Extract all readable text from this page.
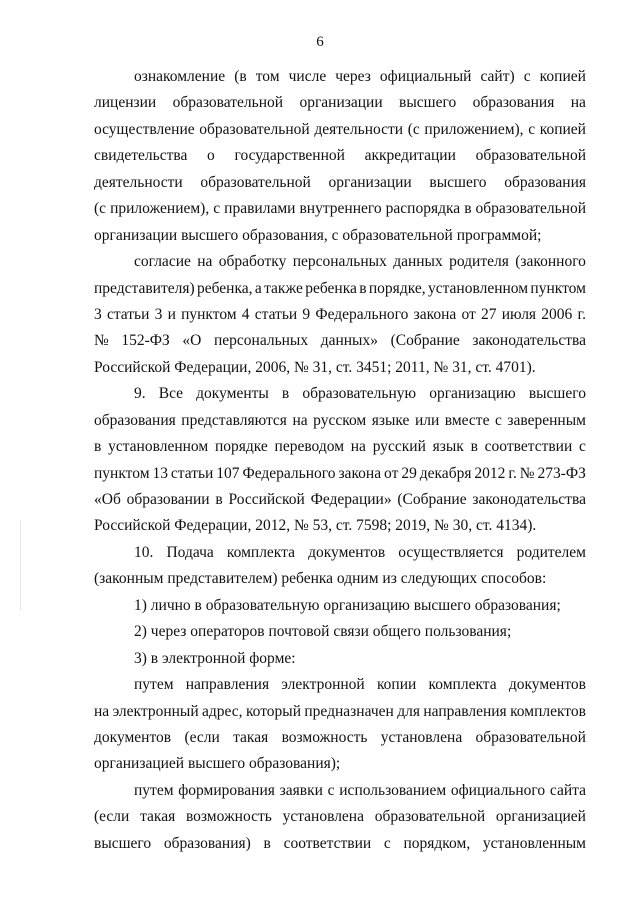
6
ознакомление (в том числе через официальный сайт) с копией
лицензии образовательной организации высшего образования на
осуществление образовательной деятельности (с приложением), с копией
свидетельства о государственной аккредитации образовательной
деятельности образовательной организации высшего образования
(с приложением), с правилами внутреннего распорядка в образовательной
организации высшего образования, с образовательной программой;
согласие на обработку персональных данных родителя (законного
представителя) ребенка, а также ребенка в порядке, установленном пунктом
3 статьи 3 и пунктом 4 статьи 9 Федерального закона от 27 июля 2006 г.
№ 152-ФЗ «О персональных данных» (Собрание законодательства
Российской Федерации, 2006, № 31, ст. 3451; 2011, № 31, ст. 4701).
9. Все документы в образовательную организацию высшего
образования представляются на русском языке или вместе с заверенным
в установленном порядке переводом на русский язык в соответствии с
пунктом 13 статьи 107 Федерального закона от 29 декабря 2012 г. № 273-ФЗ
«Об образовании в Российской Федерации» (Собрание законодательства
Российской Федерации, 2012, № 53, ст. 7598; 2019, № 30, ст. 4134).
10. Подача комплекта документов осуществляется родителем
(законным представителем) ребенка одним из следующих способов:
1) лично в образовательную организацию высшего образования;
2) через операторов почтовой связи общего пользования;
3) в электронной форме:
путем направления электронной копии комплекта документов
на электронный адрес, который предназначен для направления комплектов
документов (если такая возможность установлена образовательной
организацией высшего образования);
путем формирования заявки с использованием официального сайта
(если такая возможность установлена образовательной организацией
высшего образования) в соответствии с порядком, установленным
